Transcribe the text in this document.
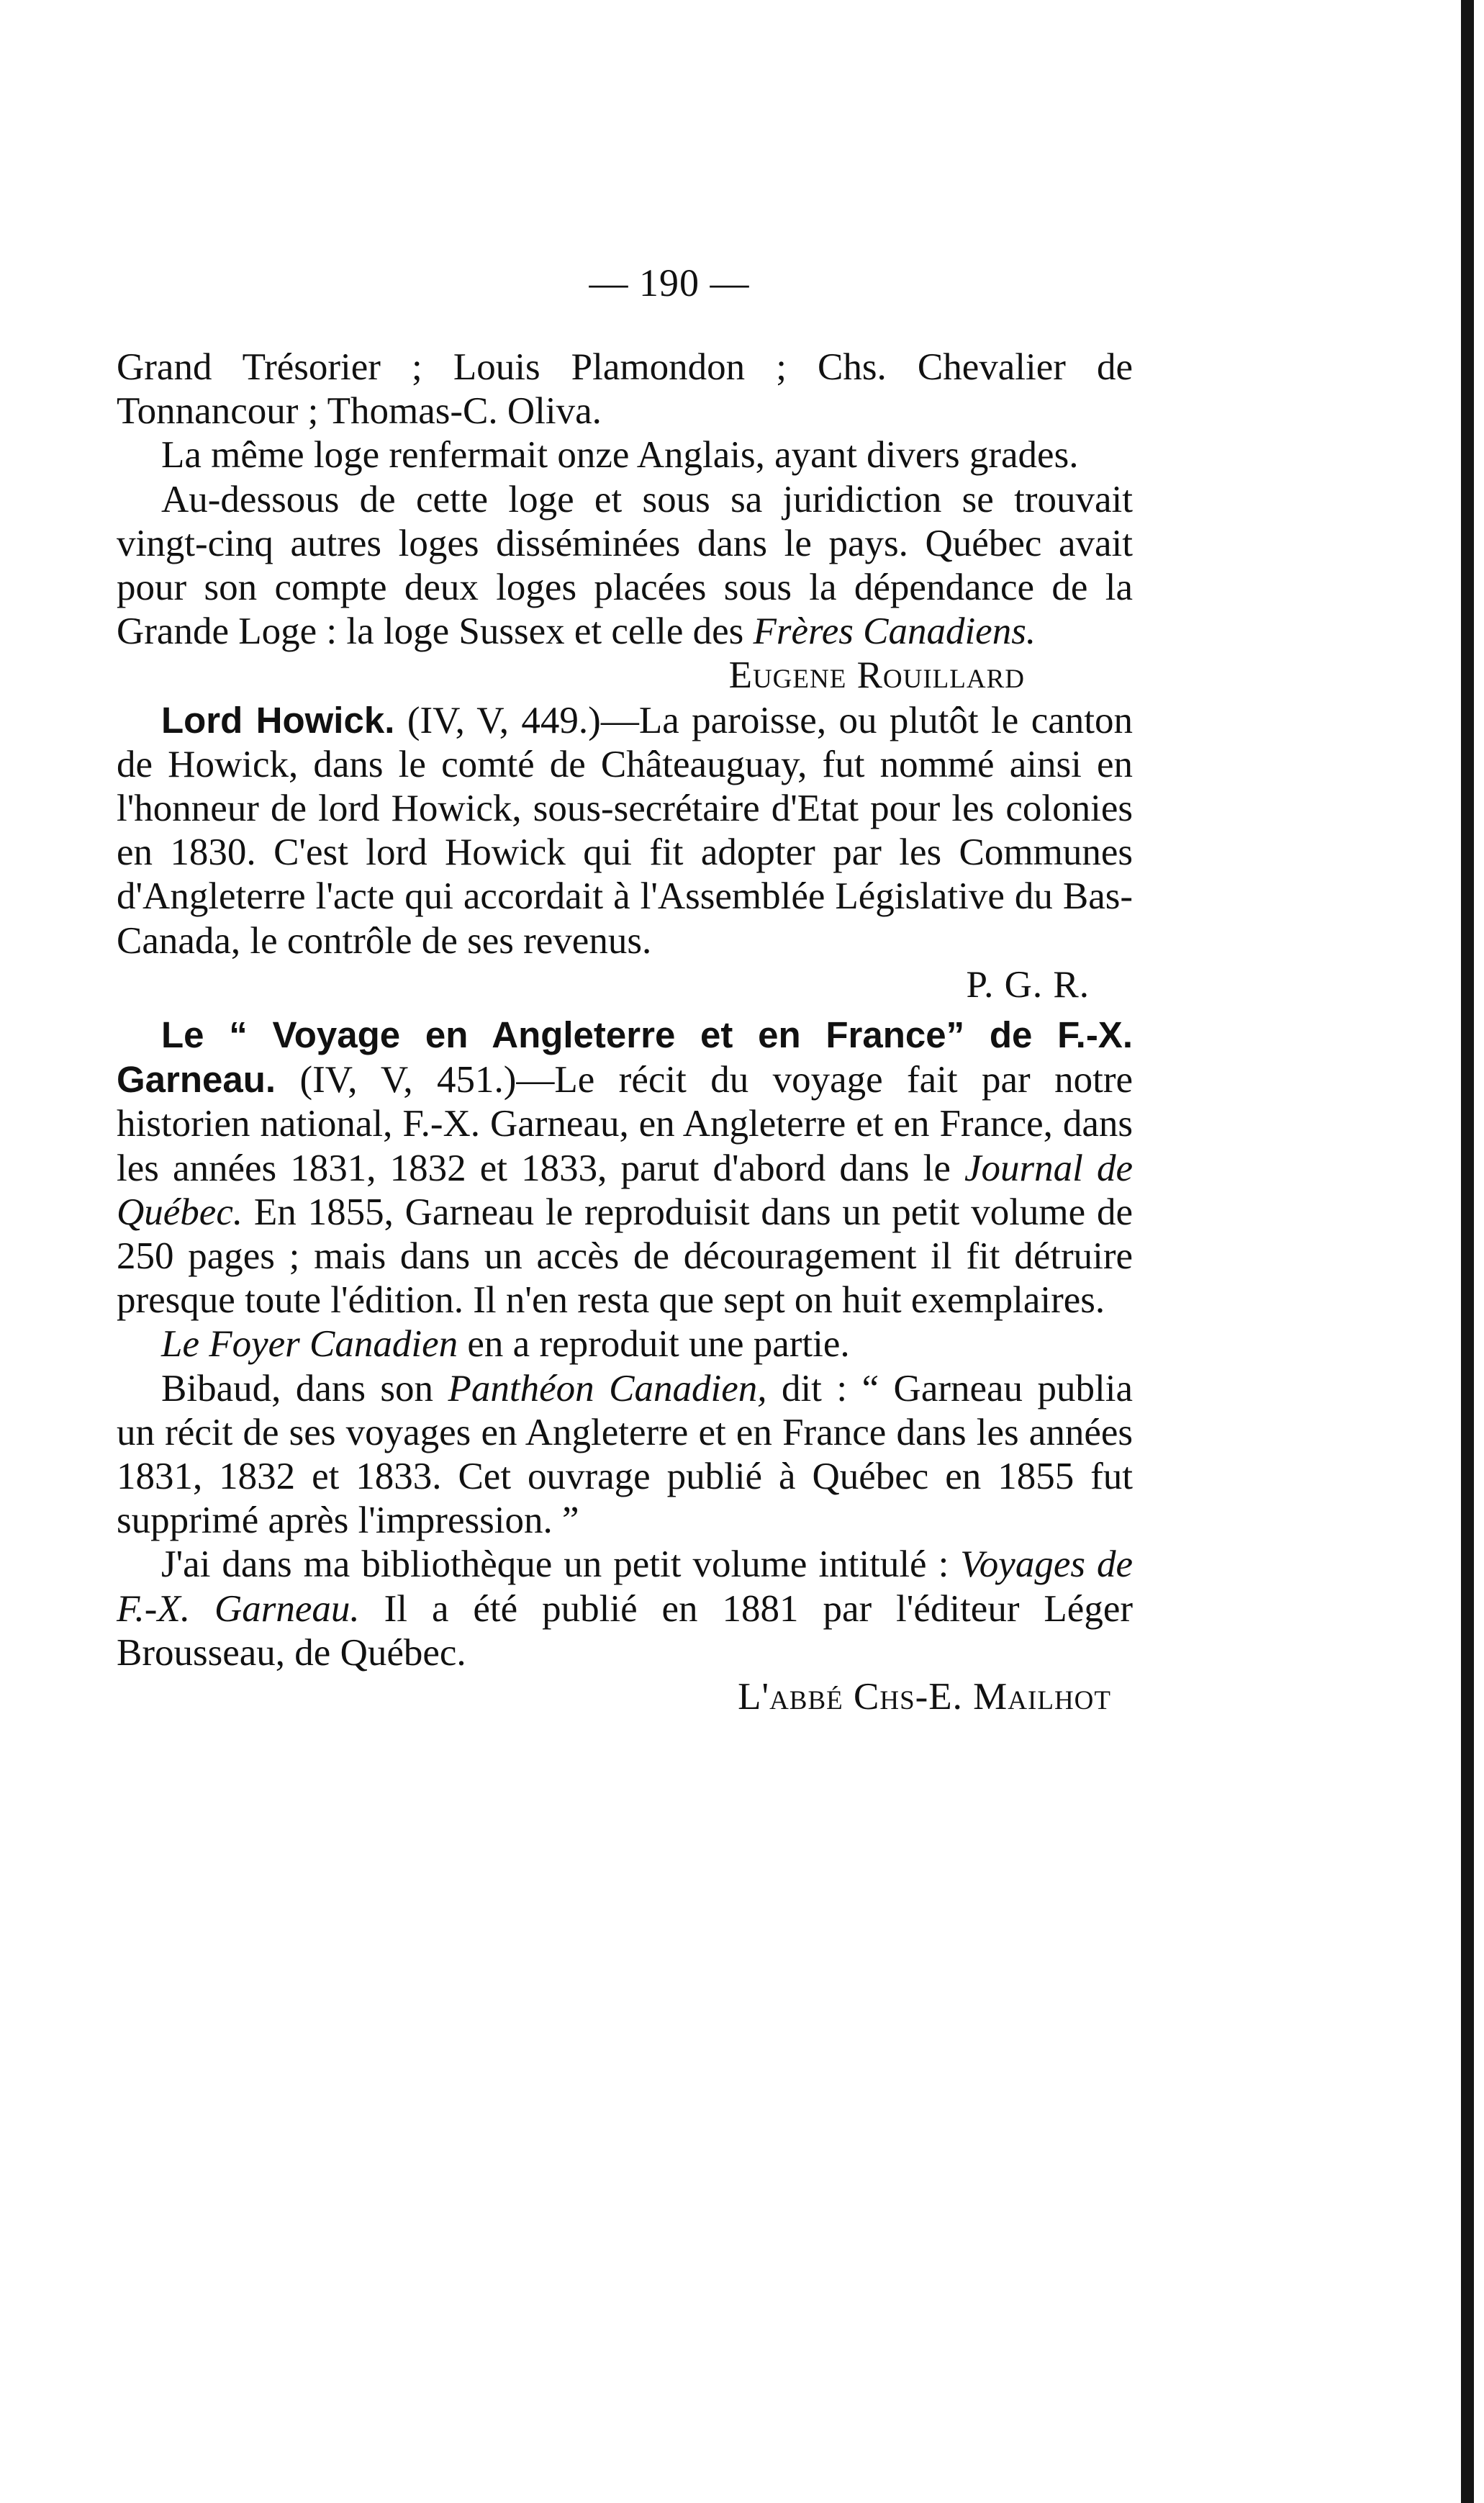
— 190 —

Grand Trésorier ; Louis Plamondon ; Chs. Chevalier de Tonnancour ; Thomas-C. Oliva.

La même loge renfermait onze Anglais, ayant divers grades.

Au-dessous de cette loge et sous sa juridiction se trouvait vingt-cinq autres loges disséminées dans le pays. Québec avait pour son compte deux loges placées sous la dépendance de la Grande Loge : la loge Sussex et celle des Frères Canadiens.

Eugene Rouillard

Lord Howick. (IV, V, 449.)—La paroisse, ou plutôt le canton de Howick, dans le comté de Châteauguay, fut nommé ainsi en l'honneur de lord Howick, sous-secrétaire d'Etat pour les colonies en 1830. C'est lord Howick qui fit adopter par les Communes d'Angleterre l'acte qui accordait à l'Assemblée Législative du Bas-Canada, le contrôle de ses revenus.

P. G. R.

Le “ Voyage en Angleterre et en France” de F.-X. Garneau. (IV, V, 451.)—Le récit du voyage fait par notre historien national, F.-X. Garneau, en Angleterre et en France, dans les années 1831, 1832 et 1833, parut d'abord dans le Journal de Québec. En 1855, Garneau le reproduisit dans un petit volume de 250 pages ; mais dans un accès de découragement il fit détruire presque toute l'édition. Il n'en resta que sept on huit exemplaires.

Le Foyer Canadien en a reproduit une partie.

Bibaud, dans son Panthéon Canadien, dit : “ Garneau publia un récit de ses voyages en Angleterre et en France dans les années 1831, 1832 et 1833. Cet ouvrage publié à Québec en 1855 fut supprimé après l'impression. ”

J'ai dans ma bibliothèque un petit volume intitulé : Voyages de F.-X. Garneau. Il a été publié en 1881 par l'éditeur Léger Brousseau, de Québec.

L'abbé Chs-E. Mailhot
